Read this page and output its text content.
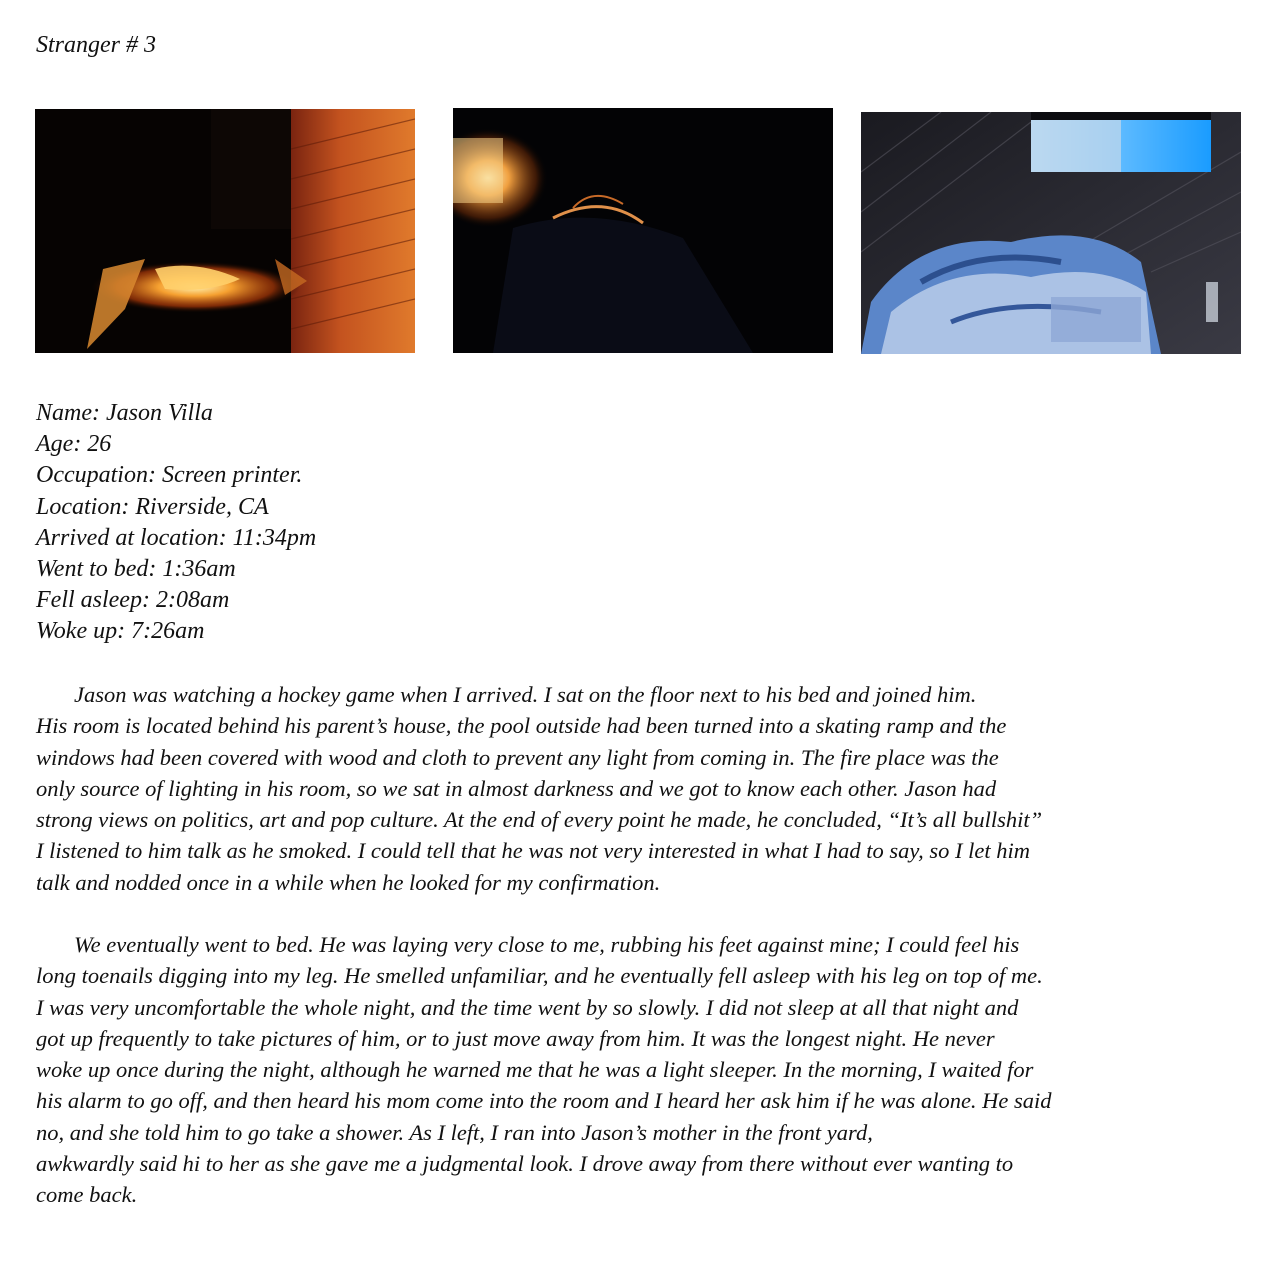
Stranger # 3
Name: Jason Villa
Age: 26
Occupation: Screen printer.
Location: Riverside, CA
Arrived at location: 11:34pm
Went to bed: 1:36am
Fell asleep: 2:08am
Woke up: 7:26am
Jason was watching a hockey game when I arrived. I sat on the floor next to his bed and joined him.
His room is located behind his parent’s house, the pool outside had been turned into a skating ramp and the
windows had been covered with wood and cloth to prevent any light from coming in. The fire place was the
only source of lighting in his room, so we sat in almost darkness and we got to know each other. Jason had
strong views on politics, art and pop culture. At the end of every point he made, he concluded, “It’s all bullshit”
I listened to him talk as he smoked. I could tell that he was not very interested in what I had to say, so I let him
talk and nodded once in a while when he looked for my confirmation.
We eventually went to bed. He was laying very close to me, rubbing his feet against mine; I could feel his
long toenails digging into my leg. He smelled unfamiliar, and he eventually fell asleep with his leg on top of me.
I was very uncomfortable the whole night, and the time went by so slowly. I did not sleep at all that night and
got up frequently to take pictures of him, or to just move away from him. It was the longest night. He never
woke up once during the night, although he warned me that he was a light sleeper. In the morning, I waited for
his alarm to go off, and then heard his mom come into the room and I heard her ask him if he was alone. He said
no, and she told him to go take a shower. As I left, I ran into Jason’s mother in the front yard,
awkwardly said hi to her as she gave me a judgmental look. I drove away from there without ever wanting to
come back.
